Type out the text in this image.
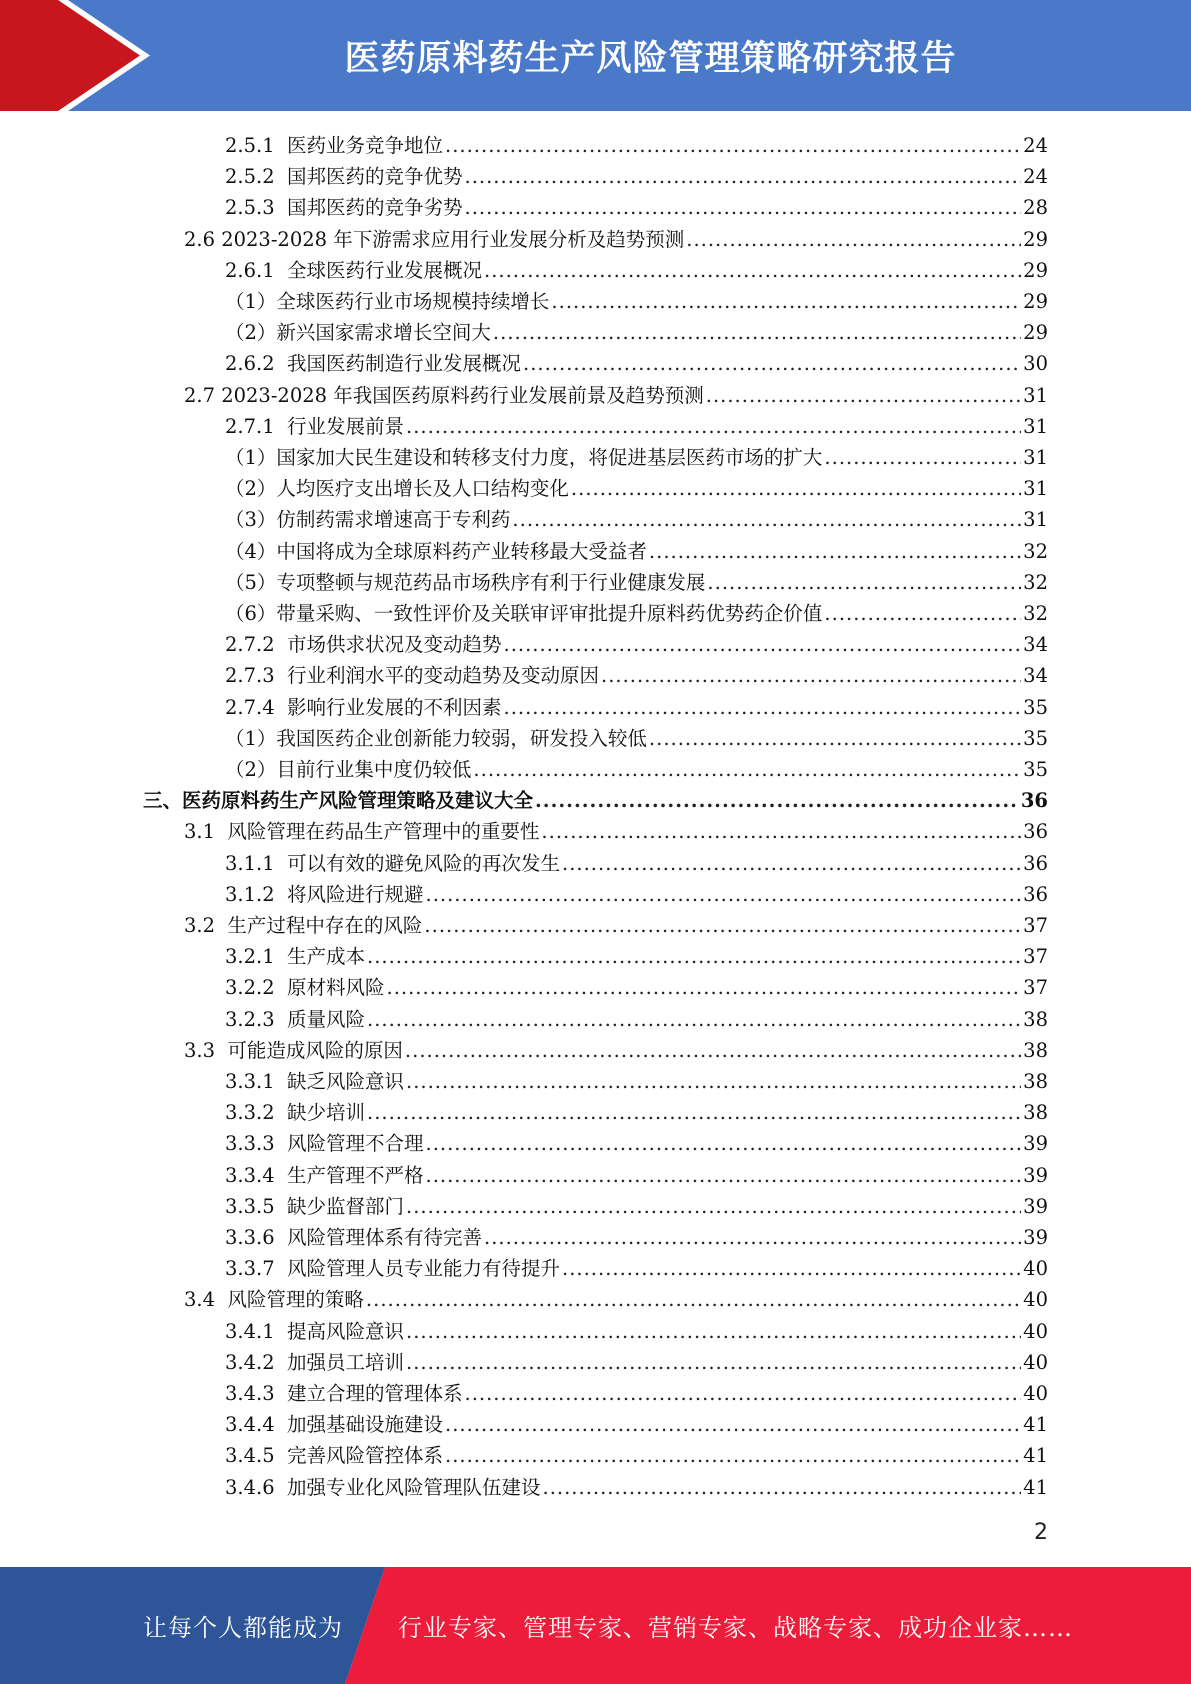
医药原料药生产风险管理策略研究报告
2.5.1  医药业务竞争地位 .....	24
2.5.2  国邦医药的竞争优势 .....	24
2.5.3  国邦医药的竞争劣势 .....	28
2.6 2023-2028 年下游需求应用行业发展分析及趋势预测 .....	29
2.6.1  全球医药行业发展概况 .....	29
（1）全球医药行业市场规模持续增长 .....	29
（2）新兴国家需求增长空间大 .....	29
2.6.2  我国医药制造行业发展概况 .....	30
2.7 2023-2028 年我国医药原料药行业发展前景及趋势预测 .....	31
2.7.1  行业发展前景 .....	31
（1）国家加大民生建设和转移支付力度，将促进基层医药市场的扩大 .....	31
（2）人均医疗支出增长及人口结构变化 .....	31
（3）仿制药需求增速高于专利药 .....	31
（4）中国将成为全球原料药产业转移最大受益者 .....	32
（5）专项整顿与规范药品市场秩序有利于行业健康发展 .....	32
（6）带量采购、一致性评价及关联审评审批提升原料药优势药企价值 .....	32
2.7.2  市场供求状况及变动趋势 .....	34
2.7.3  行业利润水平的变动趋势及变动原因 .....	34
2.7.4  影响行业发展的不利因素 .....	35
（1）我国医药企业创新能力较弱，研发投入较低 .....	35
（2）目前行业集中度仍较低 .....	35
三、医药原料药生产风险管理策略及建议大全 .....	36
3.1  风险管理在药品生产管理中的重要性 .....	36
3.1.1  可以有效的避免风险的再次发生 .....	36
3.1.2  将风险进行规避 .....	36
3.2  生产过程中存在的风险 .....	37
3.2.1  生产成本 .....	37
3.2.2  原材料风险 .....	37
3.2.3  质量风险 .....	38
3.3  可能造成风险的原因 .....	38
3.3.1  缺乏风险意识 .....	38
3.3.2  缺少培训 .....	38
3.3.3  风险管理不合理 .....	39
3.3.4  生产管理不严格 .....	39
3.3.5  缺少监督部门 .....	39
3.3.6  风险管理体系有待完善 .....	39
3.3.7  风险管理人员专业能力有待提升 .....	40
3.4  风险管理的策略 .....	40
3.4.1  提高风险意识 .....	40
3.4.2  加强员工培训 .....	40
3.4.3  建立合理的管理体系 .....	40
3.4.4  加强基础设施建设 .....	41
3.4.5  完善风险管控体系 .....	41
3.4.6  加强专业化风险管理队伍建设 .....	41
2
让每个人都能成为 行业专家、管理专家、营销专家、战略专家、成功企业家……
